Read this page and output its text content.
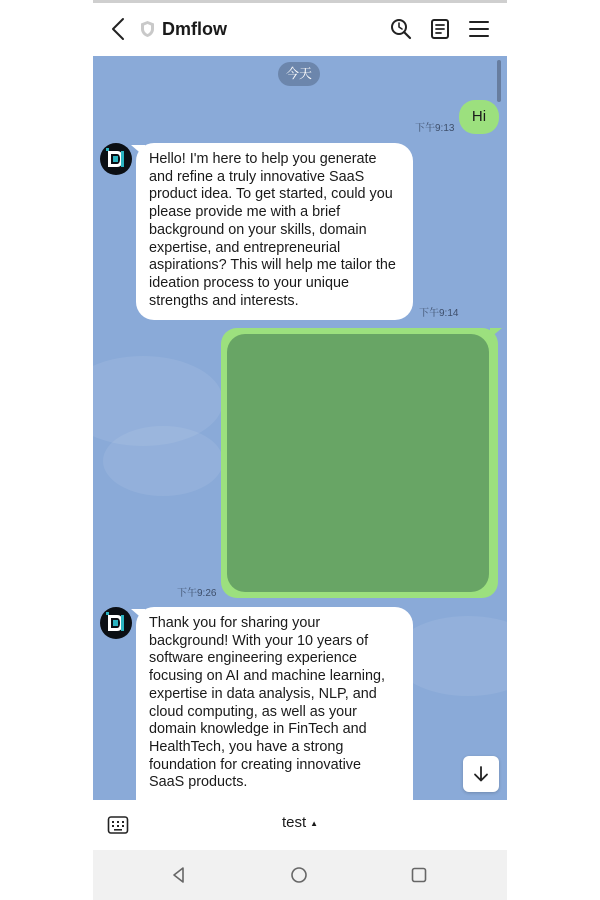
Dmflow
今天
Hi
下午9:13
Hello! I'm here to help you generate and refine a truly innovative SaaS product idea. To get started, could you please provide me with a brief background on your skills, domain expertise, and entrepreneurial aspirations? This will help me tailor the ideation process to your unique strengths and interests.
下午9:14
下午9:26
Thank you for sharing your background! With your 10 years of software engineering experience focusing on AI and machine learning, expertise in data analysis, NLP, and cloud computing, as well as your domain knowledge in FinTech and HealthTech, you have a strong foundation for creating innovative SaaS products.
test ▲
